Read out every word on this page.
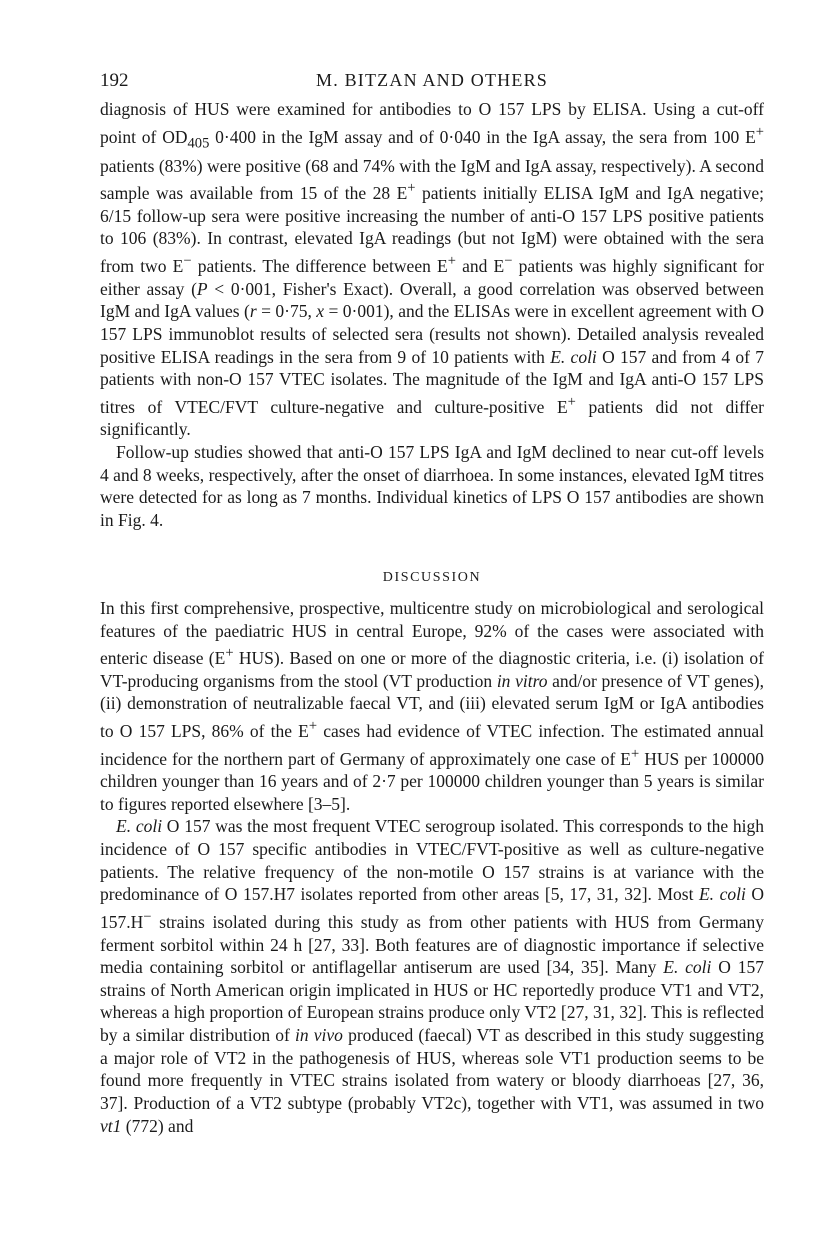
192	M. BITZAN AND OTHERS

diagnosis of HUS were examined for antibodies to O 157 LPS by ELISA. Using a cut-off point of $OD_{405}$ 0·400 in the IgM assay and of 0·040 in the IgA assay, the sera from 100 E+ patients (83%) were positive (68 and 74% with the IgM and IgA assay, respectively). A second sample was available from 15 of the 28 E+ patients initially ELISA IgM and IgA negative; 6/15 follow-up sera were positive increasing the number of anti-O 157 LPS positive patients to 106 (83%). In contrast, elevated IgA readings (but not IgM) were obtained with the sera from two E− patients. The difference between E+ and E− patients was highly significant for either assay (P < 0·001, Fisher's Exact). Overall, a good correlation was observed between IgM and IgA values (r = 0·75, x = 0·001), and the ELISAs were in excellent agreement with O 157 LPS immunoblot results of selected sera (results not shown). Detailed analysis revealed positive ELISA readings in the sera from 9 of 10 patients with E. coli O 157 and from 4 of 7 patients with non-O 157 VTEC isolates. The magnitude of the IgM and IgA anti-O 157 LPS titres of VTEC/FVT culture-negative and culture-positive E+ patients did not differ significantly.

Follow-up studies showed that anti-O 157 LPS IgA and IgM declined to near cut-off levels 4 and 8 weeks, respectively, after the onset of diarrhoea. In some instances, elevated IgM titres were detected for as long as 7 months. Individual kinetics of LPS O 157 antibodies are shown in Fig. 4.

DISCUSSION

In this first comprehensive, prospective, multicentre study on microbiological and serological features of the paediatric HUS in central Europe, 92% of the cases were associated with enteric disease (E+ HUS). Based on one or more of the diagnostic criteria, i.e. (i) isolation of VT-producing organisms from the stool (VT production in vitro and/or presence of VT genes), (ii) demonstration of neutralizable faecal VT, and (iii) elevated serum IgM or IgA antibodies to O 157 LPS, 86% of the E+ cases had evidence of VTEC infection. The estimated annual incidence for the northern part of Germany of approximately one case of E+ HUS per 100000 children younger than 16 years and of 2·7 per 100000 children younger than 5 years is similar to figures reported elsewhere [3–5].

E. coli O 157 was the most frequent VTEC serogroup isolated. This corresponds to the high incidence of O 157 specific antibodies in VTEC/FVT-positive as well as culture-negative patients. The relative frequency of the non-motile O 157 strains is at variance with the predominance of O 157.H7 isolates reported from other areas [5, 17, 31, 32]. Most E. coli O 157.H− strains isolated during this study as from other patients with HUS from Germany ferment sorbitol within 24 h [27, 33]. Both features are of diagnostic importance if selective media containing sorbitol or antiflagellar antiserum are used [34, 35]. Many E. coli O 157 strains of North American origin implicated in HUS or HC reportedly produce VT1 and VT2, whereas a high proportion of European strains produce only VT2 [27, 31, 32]. This is reflected by a similar distribution of in vivo produced (faecal) VT as described in this study suggesting a major role of VT2 in the pathogenesis of HUS, whereas sole VT1 production seems to be found more frequently in VTEC strains isolated from watery or bloody diarrhoeas [27, 36, 37]. Production of a VT2 subtype (probably VT2c), together with VT1, was assumed in two vt1 (772) and
